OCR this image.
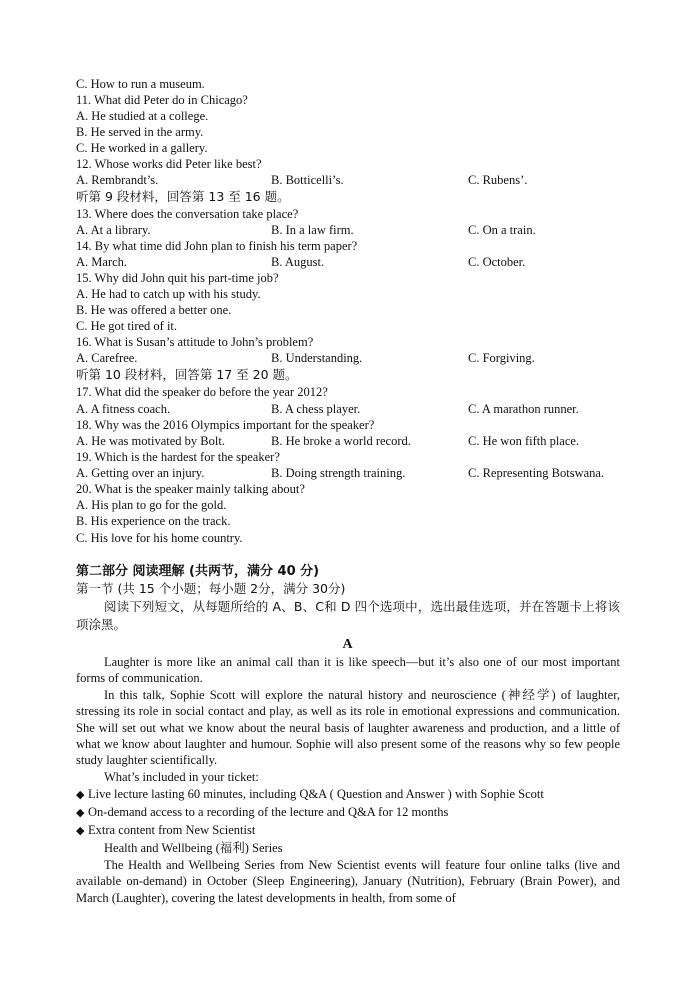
C. How to run a museum.
11. What did Peter do in Chicago?
A. He studied at a college.
B. He served in the army.
C. He worked in a gallery.
12. Whose works did Peter like best?
A. Rembrandt’s.	B. Botticelli’s.	C. Rubens’.
听第 9 段材料，回答第 13 至 16 题。
13. Where does the conversation take place?
A. At a library.	B. In a law firm.	C. On a train.
14. By what time did John plan to finish his term paper?
A. March.	B. August.	C. October.
15. Why did John quit his part-time job?
A. He had to catch up with his study.
B. He was offered a better one.
C. He got tired of it.
16. What is Susan’s attitude to John’s problem?
A. Carefree.	B. Understanding.	C. Forgiving.
听第 10 段材料，回答第 17 至 20 题。
17. What did the speaker do before the year 2012?
A. A fitness coach.	B. A chess player.	C. A marathon runner.
18. Why was the 2016 Olympics important for the speaker?
A. He was motivated by Bolt.	B. He broke a world record.	C. He won fifth place.
19. Which is the hardest for the speaker?
A. Getting over an injury.	B. Doing strength training.	C. Representing Botswana.
20. What is the speaker mainly talking about?
A. His plan to go for the gold.
B. His experience on the track.
C. His love for his home country.
第二部分 阅读理解 (共两节，满分 40 分)
第一节 (共 15 个小题；每小题 2分，满分 30分)
阅读下列短文，从每题所给的 A、B、C和 D 四个选项中，选出最佳选项，并在答题卡上将该项涂黑。
A
Laughter is more like an animal call than it is like speech—but it’s also one of our most important forms of communication.
In this talk, Sophie Scott will explore the natural history and neuroscience (神经学) of laughter, stressing its role in social contact and play, as well as its role in emotional expressions and communication. She will set out what we know about the neural basis of laughter awareness and production, and a little of what we know about laughter and humour. Sophie will also present some of the reasons why so few people study laughter scientifically.
What’s included in your ticket:
◆ Live lecture lasting 60 minutes, including Q&A ( Question and Answer ) with Sophie Scott
◆ On-demand access to a recording of the lecture and Q&A for 12 months
◆ Extra content from New Scientist
Health and Wellbeing (福利) Series
The Health and Wellbeing Series from New Scientist events will feature four online talks (live and available on-demand) in October (Sleep Engineering), January (Nutrition), February (Brain Power), and March (Laughter), covering the latest developments in health, from some of
